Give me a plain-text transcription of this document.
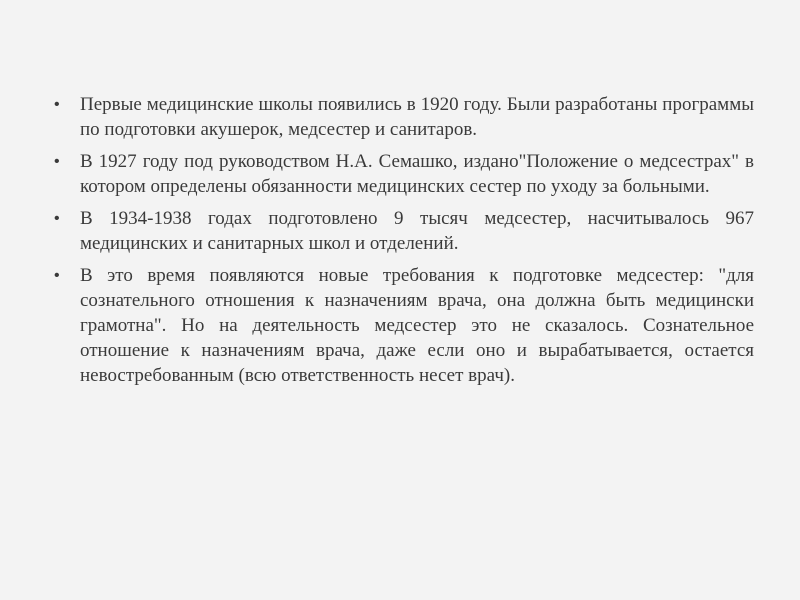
•	Первые медицинские школы появились в 1920 году. Были разработаны программы по подготовки акушерок, медсестер и санитаров.
•	В 1927 году под руководством Н.А. Семашко, издано"Положение о медсестрах" в котором определены обязанности медицинских сестер по уходу за больными.
•	В 1934-1938 годах подготовлено 9 тысяч медсестер, насчитывалось 967 медицинских и санитарных школ и отделений.
•	В это время появляются новые требования к подготовке медсестер: "для сознательного отношения к назначениям врача, она должна быть медицински грамотна". Но на деятельность медсестер это не сказалось. Сознательное отношение к назначениям врача, даже если оно и вырабатывается, остается невостребованным (всю ответственность несет врач).
